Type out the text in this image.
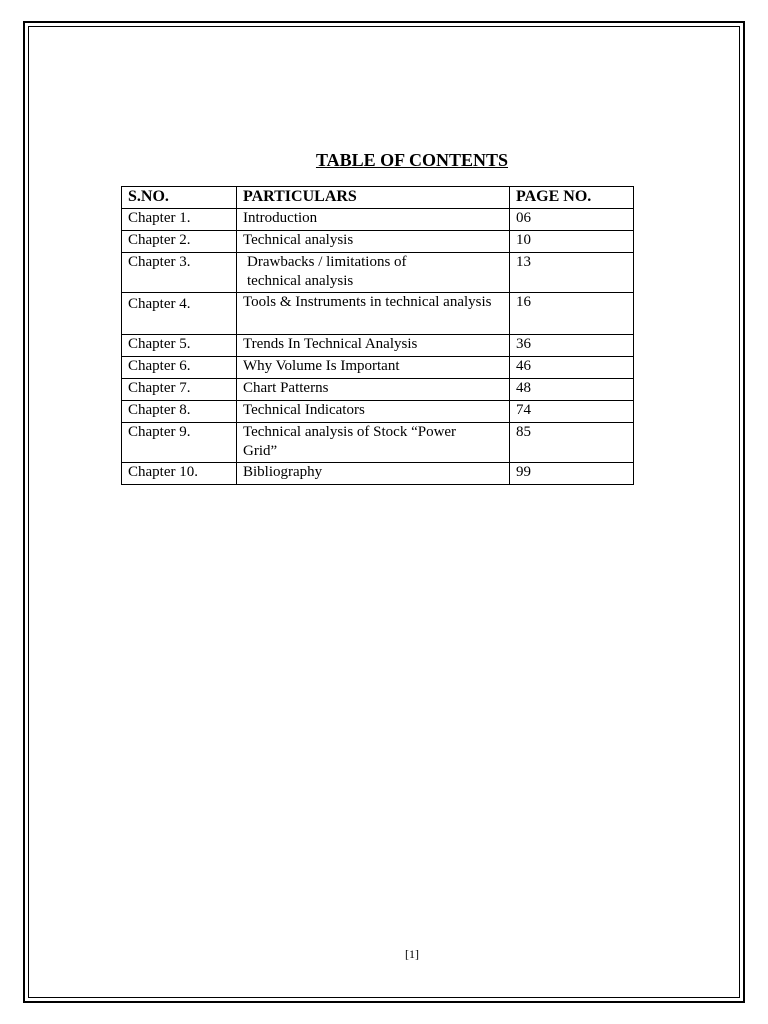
TABLE OF CONTENTS
S.NO.	PARTICULARS	PAGE NO.
Chapter 1.	Introduction	06
Chapter 2.	Technical analysis	10
Chapter 3.	Drawbacks / limitations of technical analysis	13
Chapter 4.	Tools & Instruments in technical analysis	16
Chapter 5.	Trends In Technical Analysis	36
Chapter 6.	Why Volume Is Important	46
Chapter 7.	Chart Patterns	48
Chapter 8.	Technical Indicators	74
Chapter 9.	Technical analysis of Stock “Power Grid”	85
Chapter 10.	Bibliography	99
[1]
